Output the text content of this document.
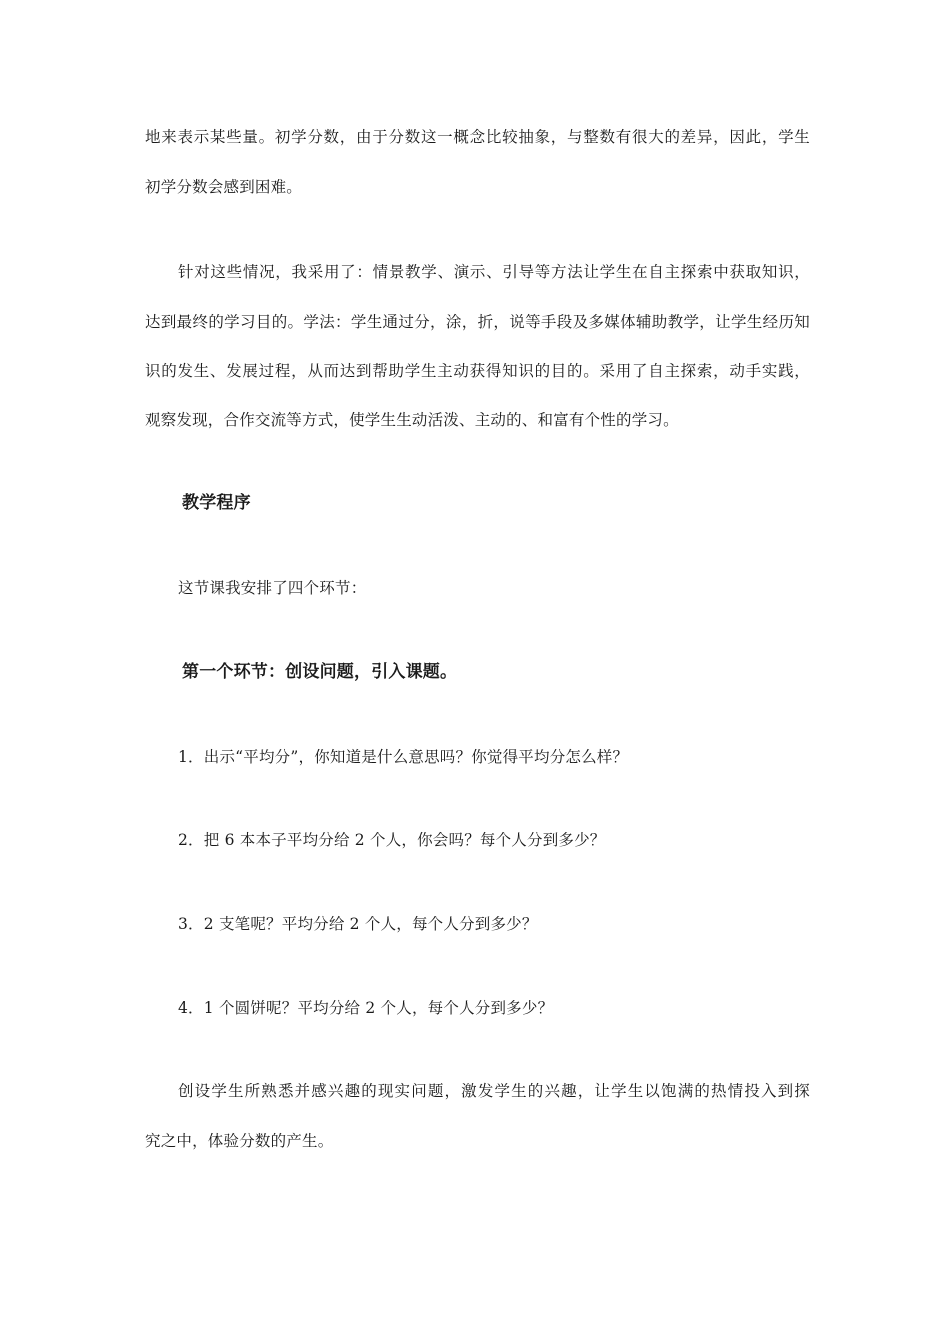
地来表示某些量。初学分数，由于分数这一概念比较抽象，与整数有很大的差异，因此，学生
初学分数会感到困难。
针对这些情况，我采用了：情景教学、演示、引导等方法让学生在自主探索中获取知识，
达到最终的学习目的。学法：学生通过分，涂，折，说等手段及多媒体辅助教学，让学生经历知
识的发生、发展过程，从而达到帮助学生主动获得知识的目的。采用了自主探索，动手实践，
观察发现，合作交流等方式，使学生生动活泼、主动的、和富有个性的学习。
教学程序
这节课我安排了四个环节：
第一个环节：创设问题，引入课题。
1．出示“平均分”，你知道是什么意思吗？你觉得平均分怎么样？
2．把 6 本本子平均分给 2 个人，你会吗？每个人分到多少？
3．2 支笔呢？平均分给 2 个人，每个人分到多少？
4．1 个圆饼呢？平均分给 2 个人，每个人分到多少？
创设学生所熟悉并感兴趣的现实问题，激发学生的兴趣，让学生以饱满的热情投入到探
究之中，体验分数的产生。
